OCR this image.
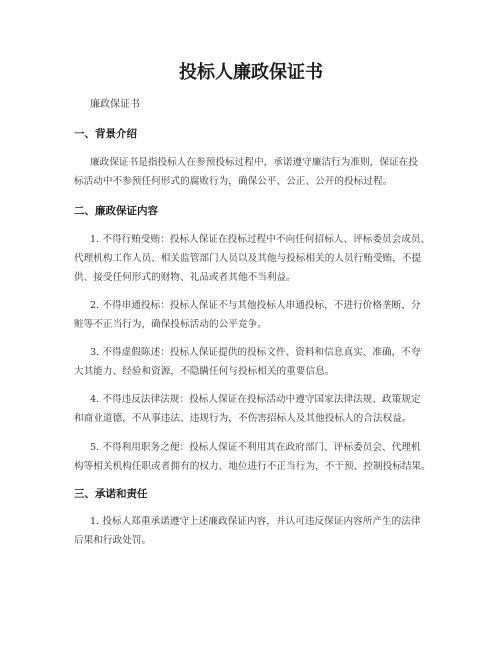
投标人廉政保证书

廉政保证书

一、背景介绍

廉政保证书是指投标人在参预投标过程中，承诺遵守廉洁行为准则，保证在投
标活动中不参预任何形式的腐败行为，确保公平、公正、公开的投标过程。

二、廉政保证内容

1. 不得行贿受贿：投标人保证在投标过程中不向任何招标人、评标委员会成员、
代理机构工作人员、相关监管部门人员以及其他与投标相关的人员行贿受贿，不提
供、接受任何形式的财物、礼品或者其他不当利益。

2. 不得串通投标：投标人保证不与其他投标人串通投标，不进行价格垄断、分
赃等不正当行为，确保投标活动的公平竞争。

3. 不得虚假陈述：投标人保证提供的投标文件、资料和信息真实、准确，不夸
大其能力、经验和资源，不隐瞒任何与投标相关的重要信息。

4. 不得违反法律法规：投标人保证在投标活动中遵守国家法律法规、政策规定
和商业道德，不从事违法、违规行为，不伤害招标人及其他投标人的合法权益。

5. 不得利用职务之便：投标人保证不利用其在政府部门、评标委员会、代理机
构等相关机构任职或者拥有的权力、地位进行不正当行为，不干预、控制投标结果。

三、承诺和责任

1. 投标人郑重承诺遵守上述廉政保证内容，并认可违反保证内容所产生的法律
后果和行政处罚。
